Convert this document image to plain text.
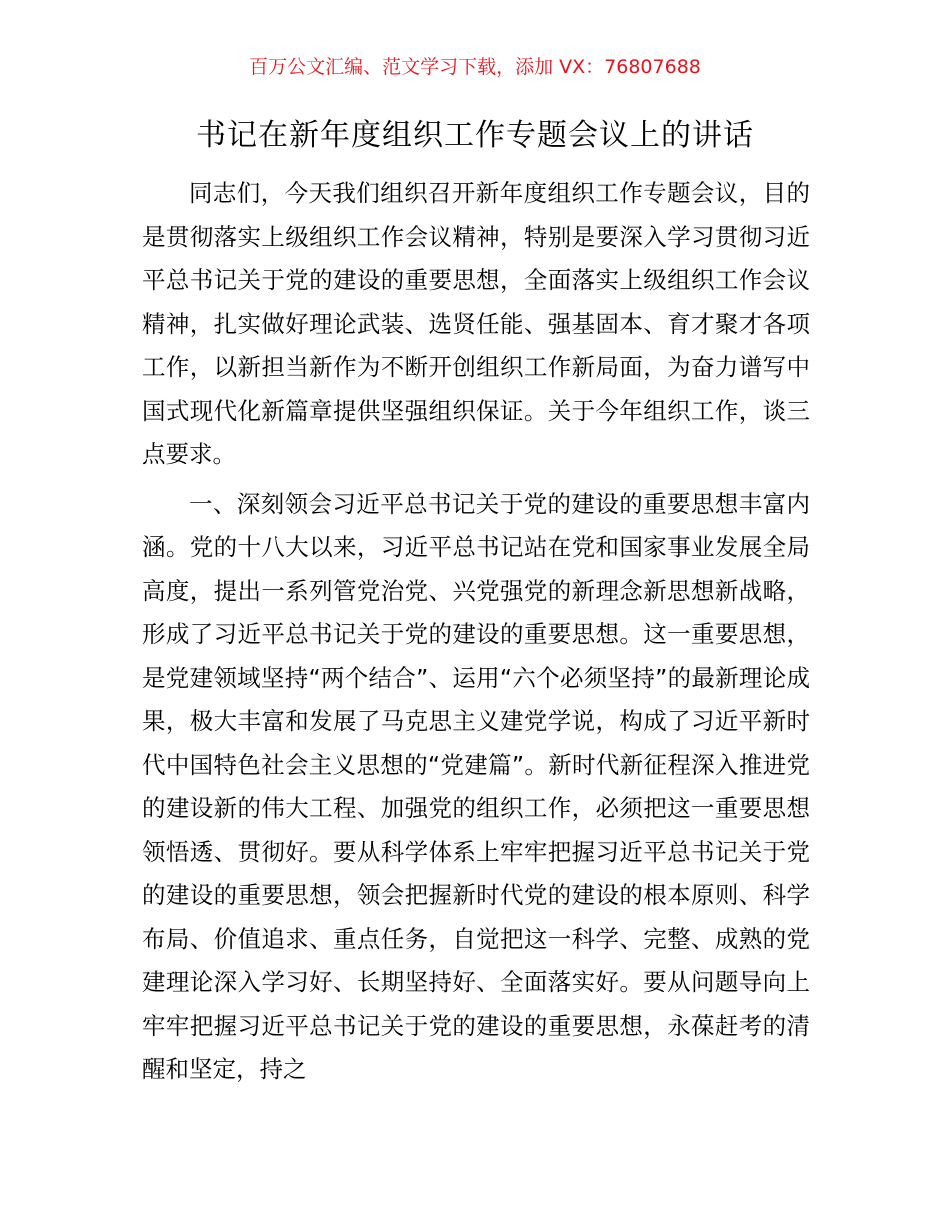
百万公文汇编、范文学习下载，添加 VX：76807688
书记在新年度组织工作专题会议上的讲话

同志们，今天我们组织召开新年度组织工作专题会议，目的是贯彻落实上级组织工作会议精神，特别是要深入学习贯彻习近平总书记关于党的建设的重要思想，全面落实上级组织工作会议精神，扎实做好理论武装、选贤任能、强基固本、育才聚才各项工作，以新担当新作为不断开创组织工作新局面，为奋力谱写中国式现代化新篇章提供坚强组织保证。关于今年组织工作，谈三点要求。

一、深刻领会习近平总书记关于党的建设的重要思想丰富内涵。党的十八大以来，习近平总书记站在党和国家事业发展全局高度，提出一系列管党治党、兴党强党的新理念新思想新战略，形成了习近平总书记关于党的建设的重要思想。这一重要思想，是党建领域坚持“两个结合”、运用“六个必须坚持”的最新理论成果，极大丰富和发展了马克思主义建党学说，构成了习近平新时代中国特色社会主义思想的“党建篇”。新时代新征程深入推进党的建设新的伟大工程、加强党的组织工作，必须把这一重要思想领悟透、贯彻好。要从科学体系上牢牢把握习近平总书记关于党的建设的重要思想，领会把握新时代党的建设的根本原则、科学布局、价值追求、重点任务，自觉把这一科学、完整、成熟的党建理论深入学习好、长期坚持好、全面落实好。要从问题导向上牢牢把握习近平总书记关于党的建设的重要思想，永葆赶考的清醒和坚定，持之
